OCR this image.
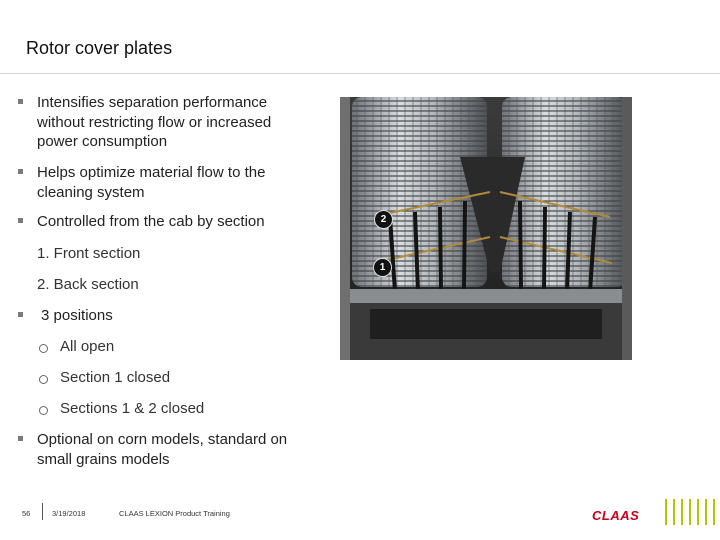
Rotor cover plates
Intensifies separation performance without restricting flow or increased power consumption
Helps optimize material flow to the cleaning system
Controlled from the cab by section
1. Front section
2. Back section
3 positions
All open
Section 1 closed
Sections 1 & 2 closed
Optional on corn models, standard on small grains models
2
1
56	3/19/2018	CLAAS LEXION Product Training	CLAAS
